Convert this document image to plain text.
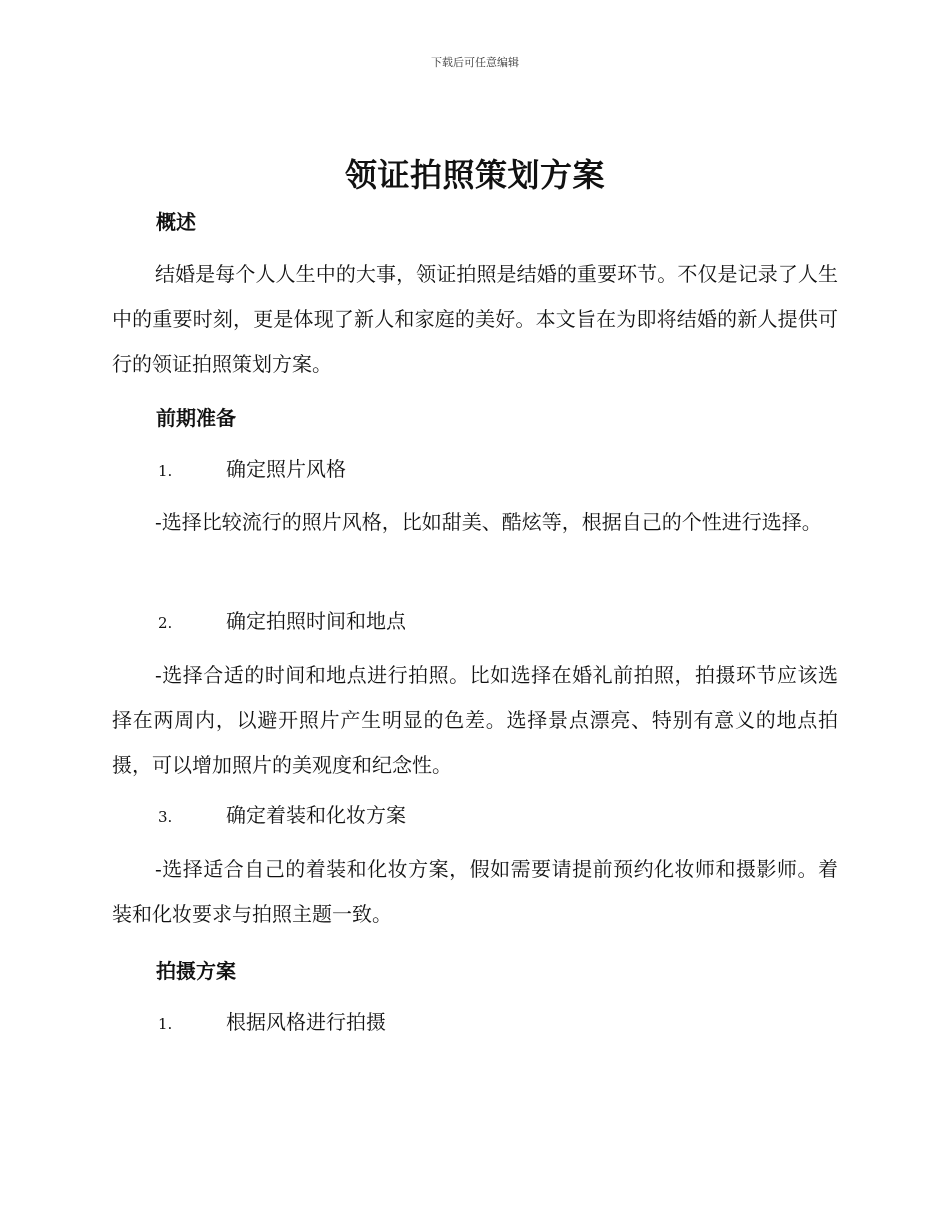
下载后可任意编辑
领证拍照策划方案
概述
结婚是每个人人生中的大事，领证拍照是结婚的重要环节。不仅是记录了人生中的重要时刻，更是体现了新人和家庭的美好。本文旨在为即将结婚的新人提供可行的领证拍照策划方案。
前期准备
1.	确定照片风格
-选择比较流行的照片风格，比如甜美、酷炫等，根据自己的个性进行选择。
2.	确定拍照时间和地点
-选择合适的时间和地点进行拍照。比如选择在婚礼前拍照，拍摄环节应该选择在两周内，以避开照片产生明显的色差。选择景点漂亮、特别有意义的地点拍摄，可以增加照片的美观度和纪念性。
3.	确定着装和化妆方案
-选择适合自己的着装和化妆方案，假如需要请提前预约化妆师和摄影师。着装和化妆要求与拍照主题一致。
拍摄方案
1.	根据风格进行拍摄
